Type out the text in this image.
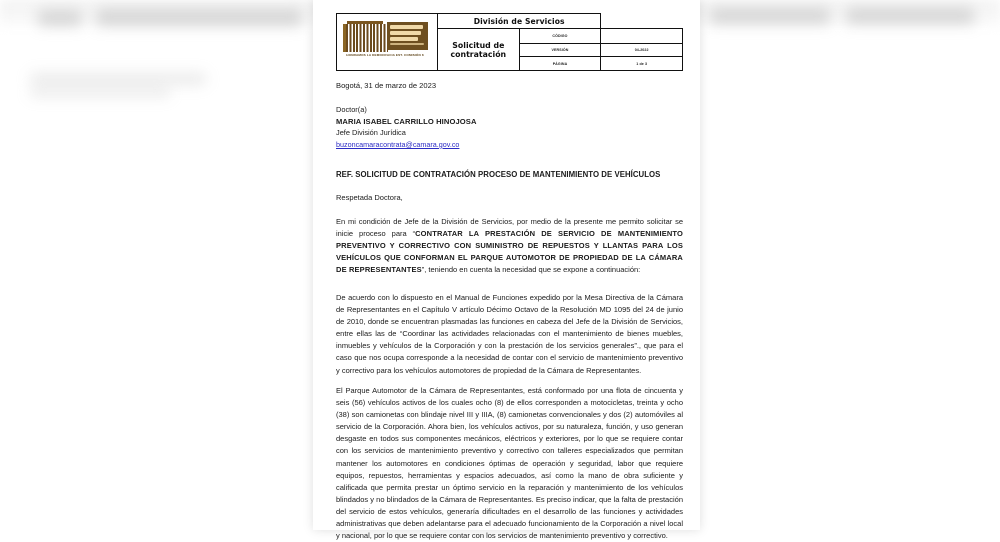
HONRAMOS LA DEMOCRACIA EST. COMISIÓN 8	División de Servicios		
	Solicitud de contratación	CÓDIGO	
		VERSIÓN	04-2022
		PÁGINA	1 de 3
Bogotá, 31 de marzo de 2023
Doctor(a)
MARIA ISABEL CARRILLO HINOJOSA
Jefe División Jurídica
buzoncamaracontrata@camara.gov.co
REF. SOLICITUD DE CONTRATACIÓN PROCESO DE MANTENIMIENTO DE VEHÍCULOS
Respetada Doctora,
En mi condición de Jefe de la División de Servicios, por medio de la presente me permito solicitar se inicie proceso para “CONTRATAR LA PRESTACIÓN DE SERVICIO DE MANTENIMIENTO PREVENTIVO Y CORRECTIVO CON SUMINISTRO DE REPUESTOS Y LLANTAS PARA LOS VEHÍCULOS QUE CONFORMAN EL PARQUE AUTOMOTOR DE PROPIEDAD DE LA CÁMARA DE REPRESENTANTES”, teniendo en cuenta la necesidad que se expone a continuación:
De acuerdo con lo dispuesto en el Manual de Funciones expedido por la Mesa Directiva de la Cámara de Representantes en el Capítulo V artículo Décimo Octavo de la Resolución MD 1095 del 24 de junio de 2010, donde se encuentran plasmadas las funciones en cabeza del Jefe de la División de Servicios, entre ellas las de “Coordinar las actividades relacionadas con el mantenimiento de bienes muebles, inmuebles y vehículos de la Corporación y con la prestación de los servicios generales”., que para el caso que nos ocupa corresponde a la necesidad de contar con el servicio de mantenimiento preventivo y correctivo para los vehículos automotores de propiedad de la Cámara de Representantes.
El Parque Automotor de la Cámara de Representantes, está conformado por una flota de cincuenta y seis (56) vehículos activos de los cuales ocho (8) de ellos corresponden a motocicletas, treinta y ocho (38) son camionetas con blindaje nivel III y IIIA, (8) camionetas convencionales y dos (2) automóviles al servicio de la Corporación. Ahora bien, los vehículos activos, por su naturaleza, función, y uso generan desgaste en todos sus componentes mecánicos, eléctricos y exteriores, por lo que se requiere contar con los servicios de mantenimiento preventivo y correctivo con talleres especializados que permitan mantener los automotores en condiciones óptimas de operación y seguridad, labor que requiere equipos, repuestos, herramientas y espacios adecuados, así como la mano de obra suficiente y calificada que permita prestar un óptimo servicio en la reparación y mantenimiento de los vehículos blindados y no blindados de la Cámara de Representantes. Es preciso indicar, que la falta de prestación del servicio de estos vehículos, generaría dificultades en el desarrollo de las funciones y actividades administrativas que deben adelantarse para el adecuado funcionamiento de la Corporación a nivel local y nacional, por lo que se requiere contar con los servicios de mantenimiento preventivo y correctivo.
